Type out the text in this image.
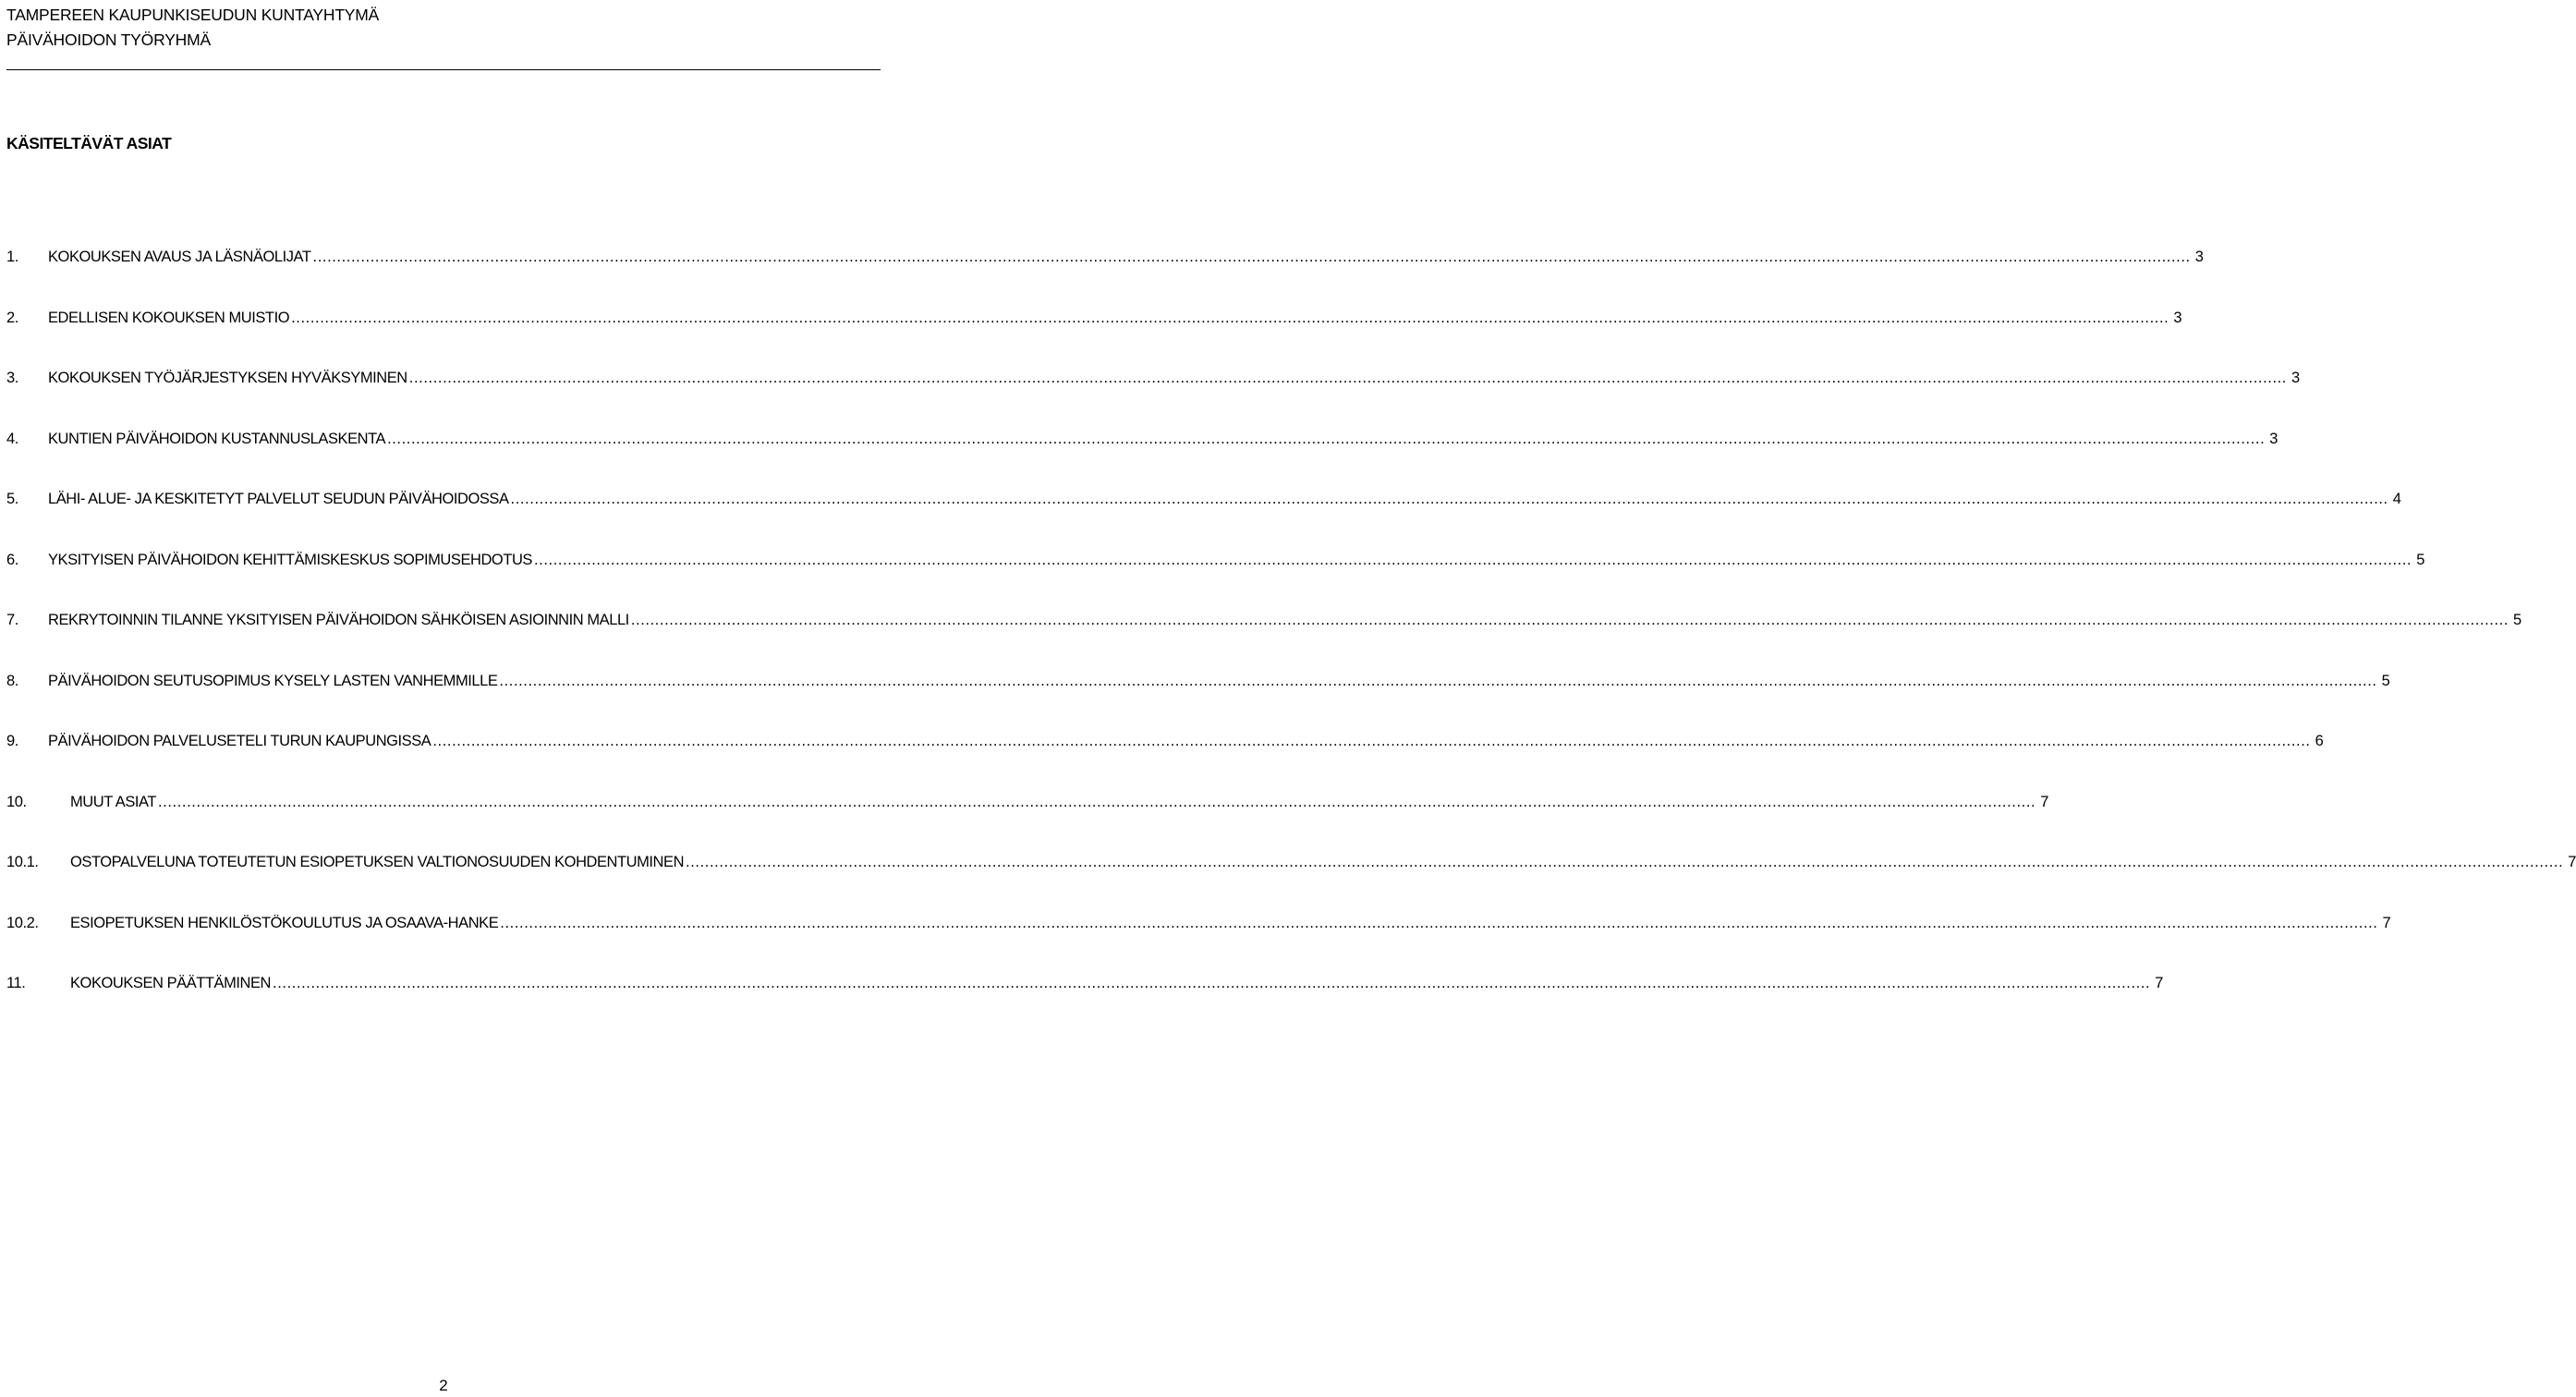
TAMPEREEN KAUPUNKISEUDUN KUNTAYHTYMÄ
PÄIVÄHOIDON TYÖRYHMÄ
KÄSITELTÄVÄT ASIAT
1.	KOKOUKSEN AVAUS JA LÄSNÄOLIJAT .....	3
2.	EDELLISEN KOKOUKSEN MUISTIO .....	3
3.	KOKOUKSEN TYÖJÄRJESTYKSEN HYVÄKSYMINEN .....	3
4.	KUNTIEN PÄIVÄHOIDON KUSTANNUSLASKENTA .....	3
5.	LÄHI- ALUE- JA KESKITETYT PALVELUT SEUDUN PÄIVÄHOIDOSSA .....	4
6.	YKSITYISEN PÄIVÄHOIDON KEHITTÄMISKESKUS SOPIMUSEHDOTUS .....	5
7.	REKRYTOINNIN TILANNE YKSITYISEN PÄIVÄHOIDON SÄHKÖISEN ASIOINNIN MALLI .....	5
8.	PÄIVÄHOIDON SEUTUSOPIMUS KYSELY LASTEN VANHEMMILLE .....	5
9.	PÄIVÄHOIDON PALVELUSETELI TURUN KAUPUNGISSA .....	6
10.	MUUT ASIAT .....	7
10.1.	OSTOPALVELUNA TOTEUTETUN ESIOPETUKSEN VALTIONOSUUDEN KOHDENTUMINEN .....	7
10.2.	ESIOPETUKSEN HENKILÖSTÖKOULUTUS JA OSAAVA-HANKE .....	7
11.	KOKOUKSEN PÄÄTTÄMINEN .....	7
2
